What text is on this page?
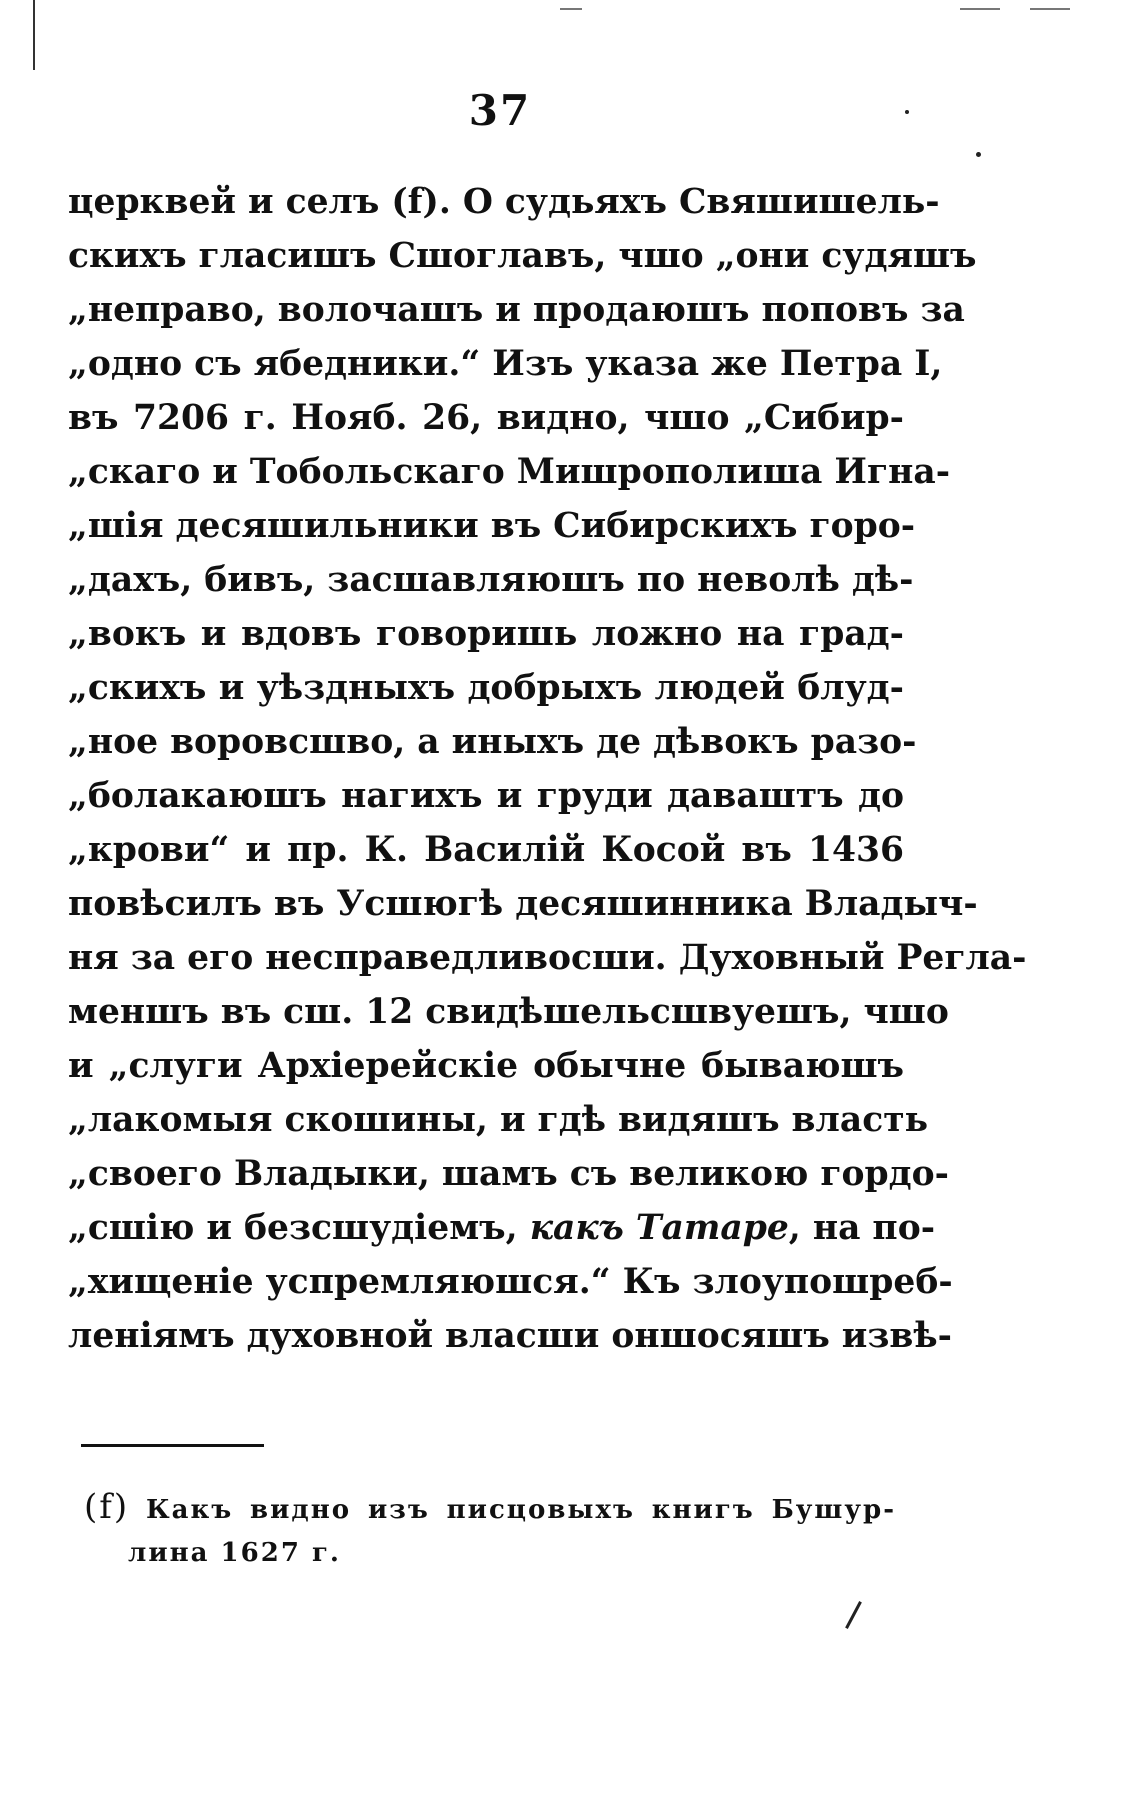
37
церквей и селъ (f). О судьяхъ Свяшишель-
скихъ гласишъ Сшоглавъ, чшо „они судяшъ
„неправо, волочашъ и продаюшъ поповъ за
„одно съ ябедники.“ Изъ указа же Петра I,
въ 7206 г. Нояб. 26, видно, чшо „Сибир-
„скаго и Тобольскаго Мишрополиша Игна-
„шія десяшильники въ Сибирскихъ горо-
„дахъ, бивъ, засшавляюшъ по неволѣ дѣ-
„вокъ и вдовъ говоришь ложно на град-
„скихъ и уѣздныхъ добрыхъ людей блуд-
„ное воровсшво, а иныхъ де дѣвокъ разо-
„болакаюшъ нагихъ и груди даваштъ до
„крови“ и пр. К. Василій Косой въ 1436
повѣсилъ въ Усшюгѣ десяшинника Владыч-
ня за его несправедливосши. Духовный Регла-
меншъ въ сш. 12 свидѣшельсшвуешъ, чшо
и „слуги Архіерейскіе обычне бываюшъ
„лакомыя скошины, и гдѣ видяшъ власть
„своего Владыки, шамъ съ великою гордо-
„сшію и безсшудіемъ, какъ Татаре, на по-
„хищеніе успремляюшся.“ Къ злоупошреб-
леніямъ духовной власши оншосяшъ извѣ-
(f) Какъ видно изъ писцовыхъ книгъ Бушур-
лина 1627 г.
